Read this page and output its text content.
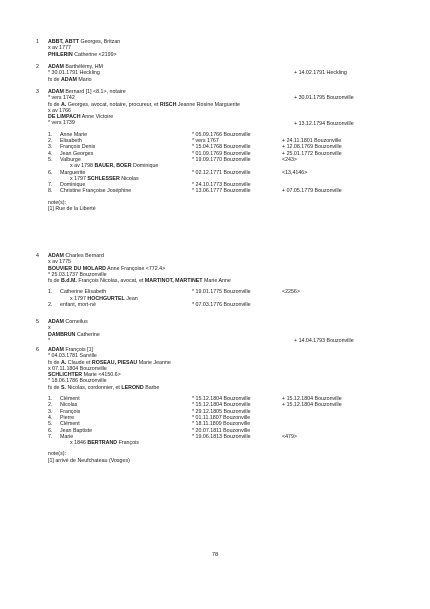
1	ABBT, ABTT Georges, Britzan
x av 1777
PHILERIN Catherine <2199>
2	ADAM Barthélémy, HM
* 30.01.1791 Heckling
fs de ADAM Mario
+ 14.02.1791 Heckling
3	ADAM Bernard [1] <8.1>, notaire
* vers 1742
fs de A. Georges, avocat, notaire, procureur, et RISCH Jeanne Rosine Marguerite
x av 1766
DE LIMPACH Anne Victoire
* vers 1739
+ 30.01.1795 Bouzonville
+ 13.12.1794 Bouzonville
1. Anne Marie	* 05.09.1766 Bouzonville
2. Elisabeth	* vers 1767	+ 24.11.1801 Bouzonville
3. François Denis	* 15.04.1768 Bouzonville	+ 12.08.1769 Bouzonville
4. Jean Georges	* 01.09.1769 Bouzonville	+ 25.01.1772 Bouzonville
5. Valburge	* 19.09.1770 Bouzonville	<243>
x av 1798 BAUER, BOER Dominique
6. Marguerite	* 02.12.1771 Bouzonville	<13,4146>
x 1797 SCHLESSER Nicolas
7. Dominique	* 24.10.1773 Bouzonville
8. Christine Françoise Joséphine	* 13.06.1777 Bouzonville	+ 07.05.1779 Bouzonville
note(s):
[1] Rue de la Liberté
4	ADAM Charles Bernard
x av 1775
BOUVIER DU MOLARD Anne Françoise <772.4>
* 25.03.1737 Bouzonville
fs de B.d.M. François Nicolas, avocat, et MARTINOT, MARTINET Marie Anne
1. Catherine Elisabeth	* 19.01.1775 Bouzonville	<2256>
x 1797 HOCHGURTEL Jean
2. enfant, mort-né	* 07.03.1776 Bouzonville
5	ADAM Corneilus
x
DAMBRUN Catherine
*	+ 14.04.1793 Bouzonville
6	ADAM François [1]
* 04.03.1781 Sarville
fs de A. Claude et ROSEAU, PIESAU Marie Jeanne
x 07.11.1804 Bouzonville
SCHLICHTER Marie <4150.6>
* 18.06.1786 Bouzonville
fs de S. Nicolas, cordonnier, et LEROND Barbe
1. Clément	* 15.12.1804 Bouzonville	+ 15.12.1804 Bouzonville
2. Nicolas	* 15.12.1804 Bouzonville	+ 15.12.1804 Bouzonville
3. François	* 29.12.1805 Bouzonville
4. Pierre	* 01.11.1807 Bouzonville
5. Clément	* 18.11.1809 Bouzonville
6. Jean Baptiste	* 20.07.1811 Bouzonville
7. Marie	* 19.06.1813 Bouzonville	<479>
x 1846 BERTRAND François
note(s):
[1] arrivé de Neufchateau (Vosges)
78
